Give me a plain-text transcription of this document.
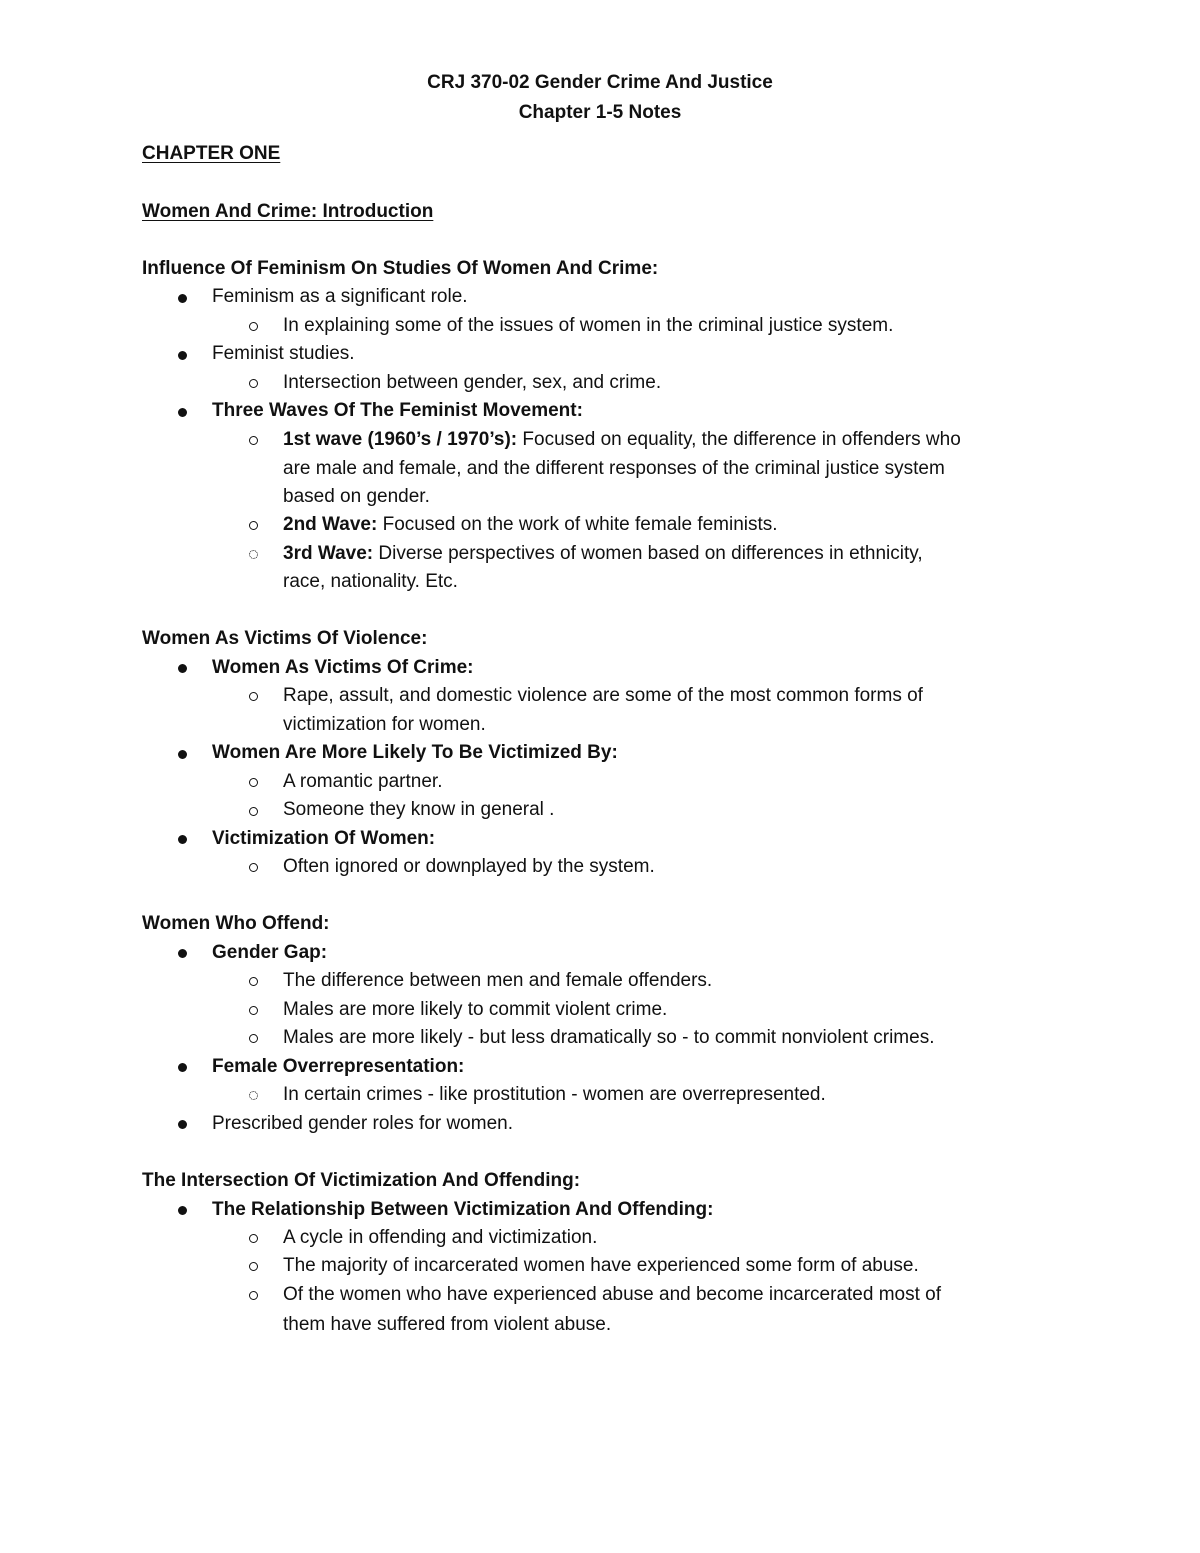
CRJ 370-02 Gender Crime And Justice
Chapter 1-5 Notes
CHAPTER ONE
Women And Crime: Introduction
Influence Of Feminism On Studies Of Women And Crime:
Feminism as a significant role.
In explaining some of the issues of women in the criminal justice system.
Feminist studies.
Intersection between gender, sex, and crime.
Three Waves Of The Feminist Movement:
1st wave (1960’s / 1970’s): Focused on equality, the difference in offenders who
are male and female, and the different responses of the criminal justice system
based on gender.
2nd Wave: Focused on the work of white female feminists.
3rd Wave: Diverse perspectives of women based on differences in ethnicity,
race, nationality. Etc.
Women As Victims Of Violence:
Women As Victims Of Crime:
Rape, assult, and domestic violence are some of the most common forms of
victimization for women.
Women Are More Likely To Be Victimized By:
A romantic partner.
Someone they know in general .
Victimization Of Women:
Often ignored or downplayed by the system.
Women Who Offend:
Gender Gap:
The difference between men and female offenders.
Males are more likely to commit violent crime.
Males are more likely - but less dramatically so - to commit nonviolent crimes.
Female Overrepresentation:
In certain crimes - like prostitution - women are overrepresented.
Prescribed gender roles for women.
The Intersection Of Victimization And Offending:
The Relationship Between Victimization And Offending:
A cycle in offending and victimization.
The majority of incarcerated women have experienced some form of abuse.
Of the women who have experienced abuse and become incarcerated most of
them have suffered from violent abuse.
